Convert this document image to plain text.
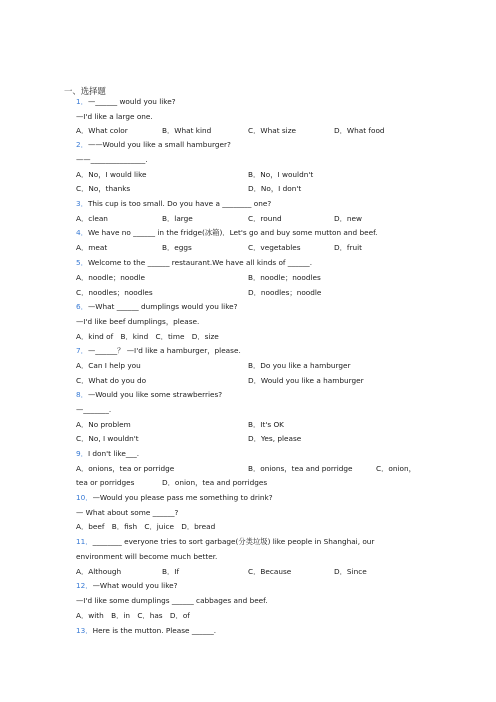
一、选择题
1．—______ would you like?
—I'd like a large one.
A．What color	B．What kind	C．What size	D．What food
2．——Would you like a small hamburger?
——_______________.
A．No，I would like	B．No，I wouldn't
C．No，thanks	D．No，I don't
3．This cup is too small. Do you have a ________ one?
A．clean	B．large	C．round	D．new
4．We have no ______ in the fridge(冰箱)．Let's go and buy some mutton and beef.
A．meat	B．eggs	C．vegetables	D．fruit
5．Welcome to the ______ restaurant.We have all kinds of ______.
A．noodle；noodle	B．noodle；noodles
C．noodles；noodles	D．noodles；noodle
6．—What ______ dumplings would you like?
—I'd like beef dumplings，please.
A．kind of　B．kind　C．time　D．size
7．—______？ —I'd like a hamburger，please.
A．Can I help you	B．Do you like a hamburger
C．What do you do	D．Would you like a hamburger
8．—Would you like some strawberries?
—_______.
A．No problem	B．It's OK
C．No, I wouldn't	D．Yes, please
9．I don't like___.
A．onions，tea or porridge	B．onions，tea and porridge	C．onion，
tea or porridges	D．onion，tea and porridges
10．—Would you please pass me something to drink?
— What about some ______?
A．beef　B．fish　C．juice　D．bread
11．________ everyone tries to sort garbage(分类垃圾) like people in Shanghai, our
environment will become much better.
A．Although	B．If	C．Because	D．Since
12．—What would you like?
—I'd like some dumplings ______ cabbages and beef.
A．with　B．in　C．has　D．of
13．Here is the mutton. Please ______.
